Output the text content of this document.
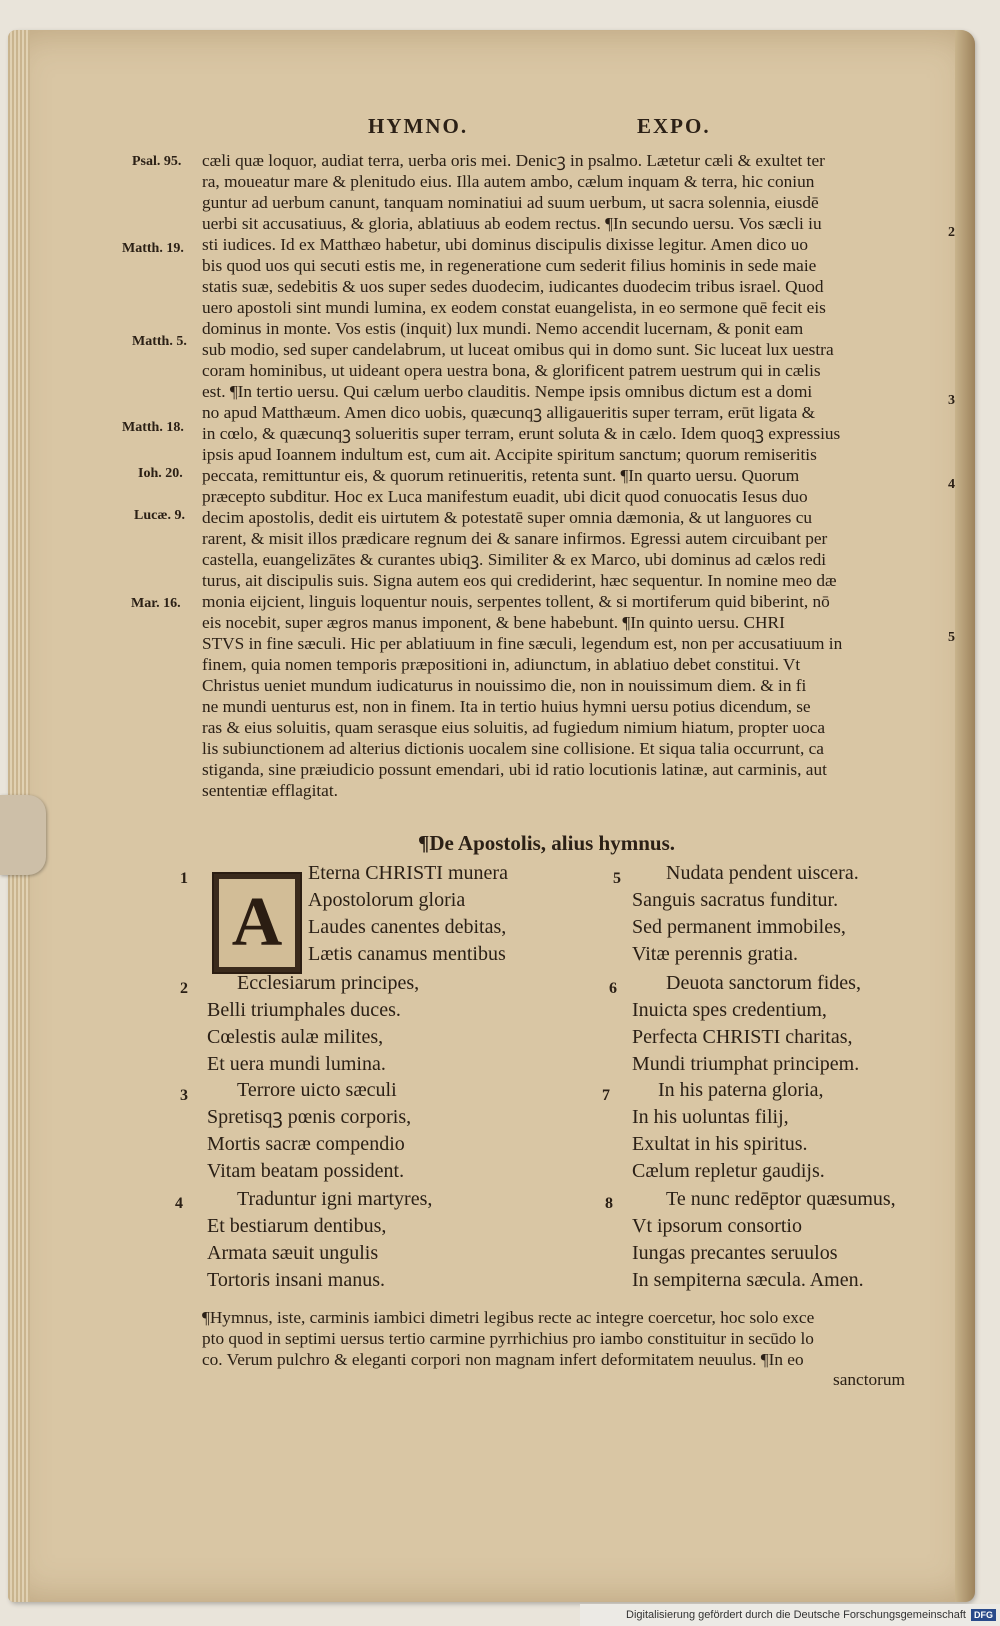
HYMNO.	EXPO.
Psal. 95.
Matth. 19.
Matth. 5.
Matth. 18.
Ioh. 20.
Lucæ. 9.
Mar. 16.
2
3
4
5
cæli quæ loquor, audiat terra, uerba oris mei. Denicꝫ in psalmo. Lætetur cæli & exultet ter
ra, moueatur mare & plenitudo eius. Illa autem ambo, cælum inquam & terra, hic coniun
guntur ad uerbum canunt, tanquam nominatiui ad suum uerbum, ut sacra solennia, eiusdē
uerbi sit accusatiuus, & gloria, ablatiuus ab eodem rectus. ¶In secundo uersu. Vos sæcli iu
sti iudices. Id ex Matthæo habetur, ubi dominus discipulis dixisse legitur. Amen dico uo
bis quod uos qui secuti estis me, in regeneratione cum sederit filius hominis in sede maie
statis suæ, sedebitis & uos super sedes duodecim, iudicantes duodecim tribus israel. Quod
uero apostoli sint mundi lumina, ex eodem constat euangelista, in eo sermone quē fecit eis
dominus in monte. Vos estis (inquit) lux mundi. Nemo accendit lucernam, & ponit eam
sub modio, sed super candelabrum, ut luceat omibus qui in domo sunt. Sic luceat lux uestra
coram hominibus, ut uideant opera uestra bona, & glorificent patrem uestrum qui in cælis
est. ¶In tertio uersu. Qui cælum uerbo clauditis. Nempe ipsis omnibus dictum est a domi
no apud Matthæum. Amen dico uobis, quæcunqꝫ alligaueritis super terram, erūt ligata &
in cœlo, & quæcunqꝫ solueritis super terram, erunt soluta & in cælo. Idem quoqꝫ expressius
ipsis apud Ioannem indultum est, cum ait. Accipite spiritum sanctum; quorum remiseritis
peccata, remittuntur eis, & quorum retinueritis, retenta sunt. ¶In quarto uersu. Quorum
præcepto subditur. Hoc ex Luca manifestum euadit, ubi dicit quod conuocatis Iesus duo
decim apostolis, dedit eis uirtutem & potestatē super omnia dæmonia, & ut languores cu
rarent, & misit illos prædicare regnum dei & sanare infirmos. Egressi autem circuibant per
castella, euangelizātes & curantes ubiqꝫ. Similiter & ex Marco, ubi dominus ad cælos redi
turus, ait discipulis suis. Signa autem eos qui crediderint, hæc sequentur. In nomine meo dæ
monia eijcient, linguis loquentur nouis, serpentes tollent, & si mortiferum quid biberint, nō
eis nocebit, super ægros manus imponent, & bene habebunt. ¶In quinto uersu. CHRI
STVS in fine sæculi. Hic per ablatiuum in fine sæculi, legendum est, non per accusatiuum in
finem, quia nomen temporis præpositioni in, adiunctum, in ablatiuo debet constitui. Vt
Christus ueniet mundum iudicaturus in nouissimo die, non in nouissimum diem. & in fi
ne mundi uenturus est, non in finem. Ita in tertio huius hymni uersu potius dicendum, se
ras & eius soluitis, quam serasque eius soluitis, ad fugiedum nimium hiatum, propter uoca
lis subiunctionem ad alterius dictionis uocalem sine collisione. Et siqua talia occurrunt, ca
stiganda, sine præiudicio possunt emendari, ubi id ratio locutionis latinæ, aut carminis, aut
sententiæ efflagitat.
¶De Apostolis, alius hymnus.
A
1	Eterna CHRISTI munera
Apostolorum gloria
Laudes canentes debitas,
Lætis canamus mentibus
2	Ecclesiarum principes,
Belli triumphales duces.
Cœlestis aulæ milites,
Et uera mundi lumina.
3	Terrore uicto sæculi
Spretisqꝫ pœnis corporis,
Mortis sacræ compendio
Vitam beatam possident.
4	Traduntur igni martyres,
Et bestiarum dentibus,
Armata sæuit ungulis
Tortoris insani manus.
5	Nudata pendent uiscera.
Sanguis sacratus funditur.
Sed permanent immobiles,
Vitæ perennis gratia.
6	Deuota sanctorum fides,
Inuicta spes credentium,
Perfecta CHRISTI charitas,
Mundi triumphat principem.
7	In his paterna gloria,
In his uoluntas filij,
Exultat in his spiritus.
Cælum repletur gaudijs.
8	Te nunc redēptor quæsumus,
Vt ipsorum consortio
Iungas precantes seruulos
In sempiterna sæcula. Amen.
¶Hymnus, iste, carminis iambici dimetri legibus recte ac integre coercetur, hoc solo exce
pto quod in septimi uersus tertio carmine pyrrhichius pro iambo constituitur in secūdo lo
co. Verum pulchro & eleganti corpori non magnam infert deformitatem neuulus. ¶In eo
sanctorum
Digitalisierung gefördert durch die Deutsche Forschungsgemeinschaft DFG
